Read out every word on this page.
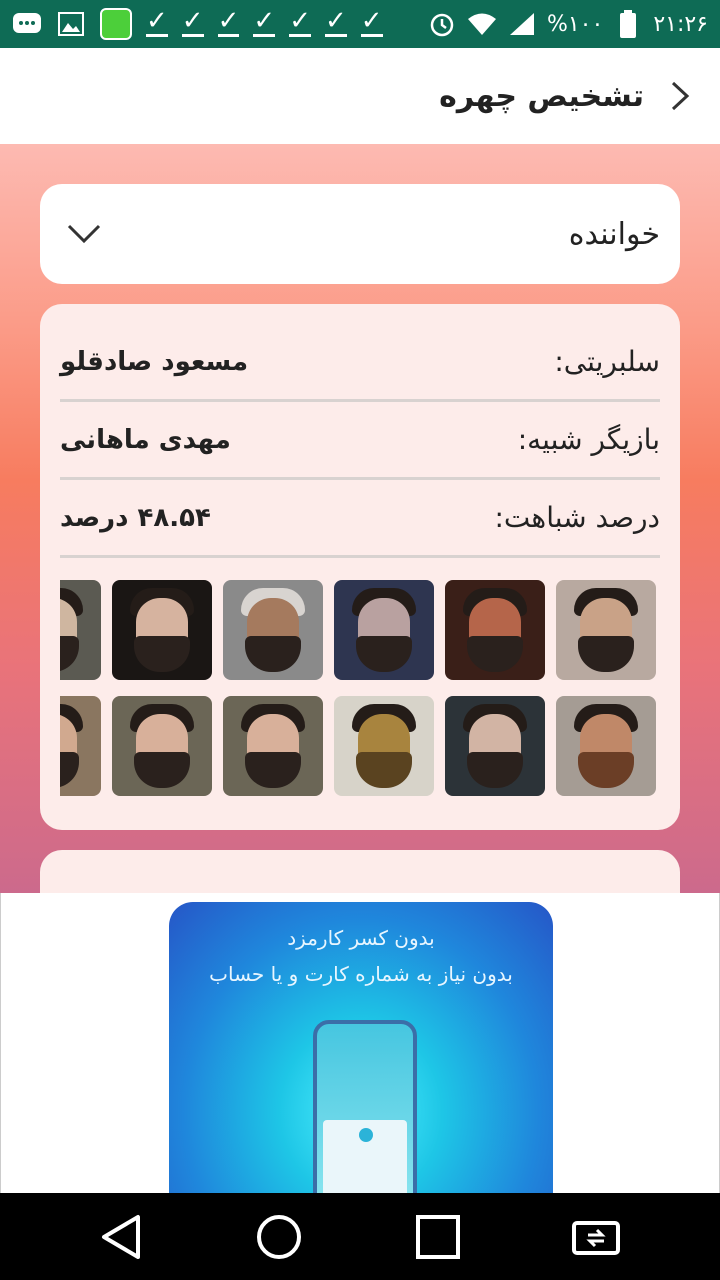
✓ ✓ ✓ ✓ ✓ ✓ ✓	%۱۰۰ ۲۱:۲۶
تشخیص چهره
خواننده
سلبریتی:
مسعود صادقلو
بازیگر شبیه:
مهدی ماهانی
درصد شباهت:
۴۸.۵۴ درصد
بدون کسر کارمزد
بدون نیاز به شماره کارت و یا حساب
